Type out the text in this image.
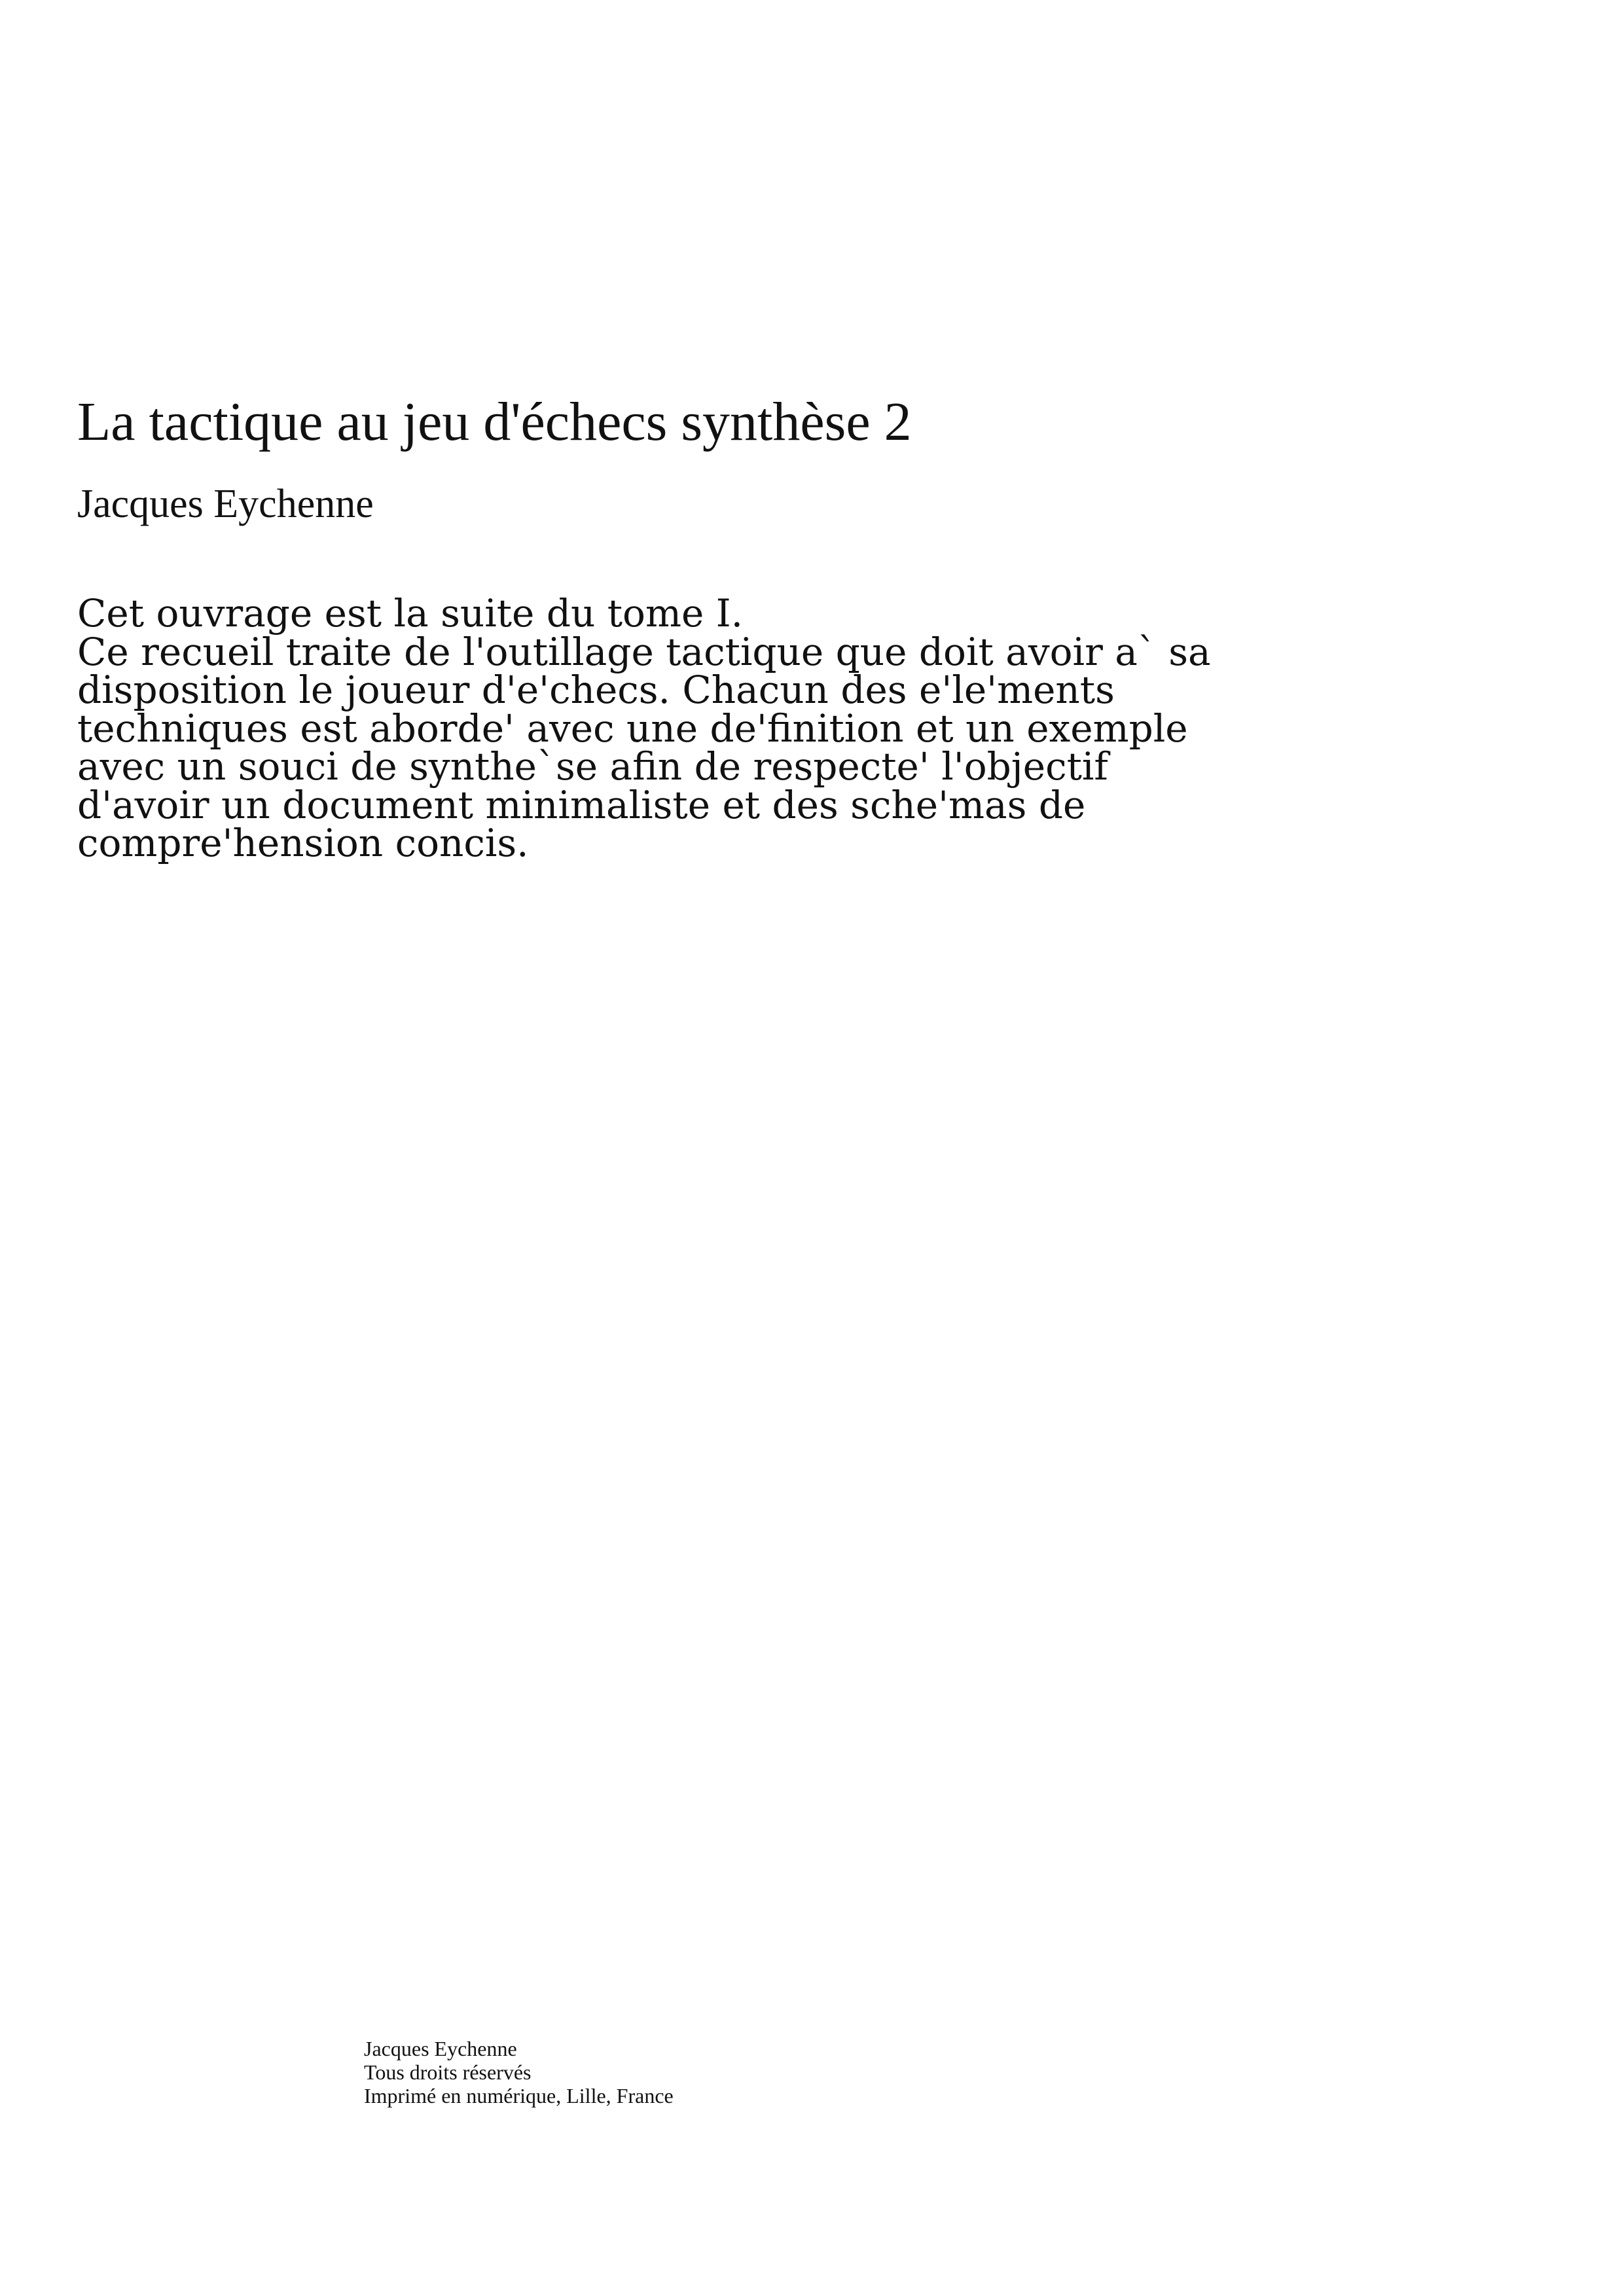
La tactique au jeu d'échecs synthèse 2
Jacques Eychenne
Cet ouvrage est la suite du tome I.
Ce recueil traite de l'outillage tactique que doit avoir a` sa
disposition le joueur d'e'checs. Chacun des e'le'ments
techniques est aborde' avec une de'finition et un exemple
avec un souci de synthe`se afin de respecte' l'objectif
d'avoir un document minimaliste et des sche'mas de
compre'hension concis.
Jacques Eychenne
Tous droits réservés
Imprimé en numérique, Lille, France
